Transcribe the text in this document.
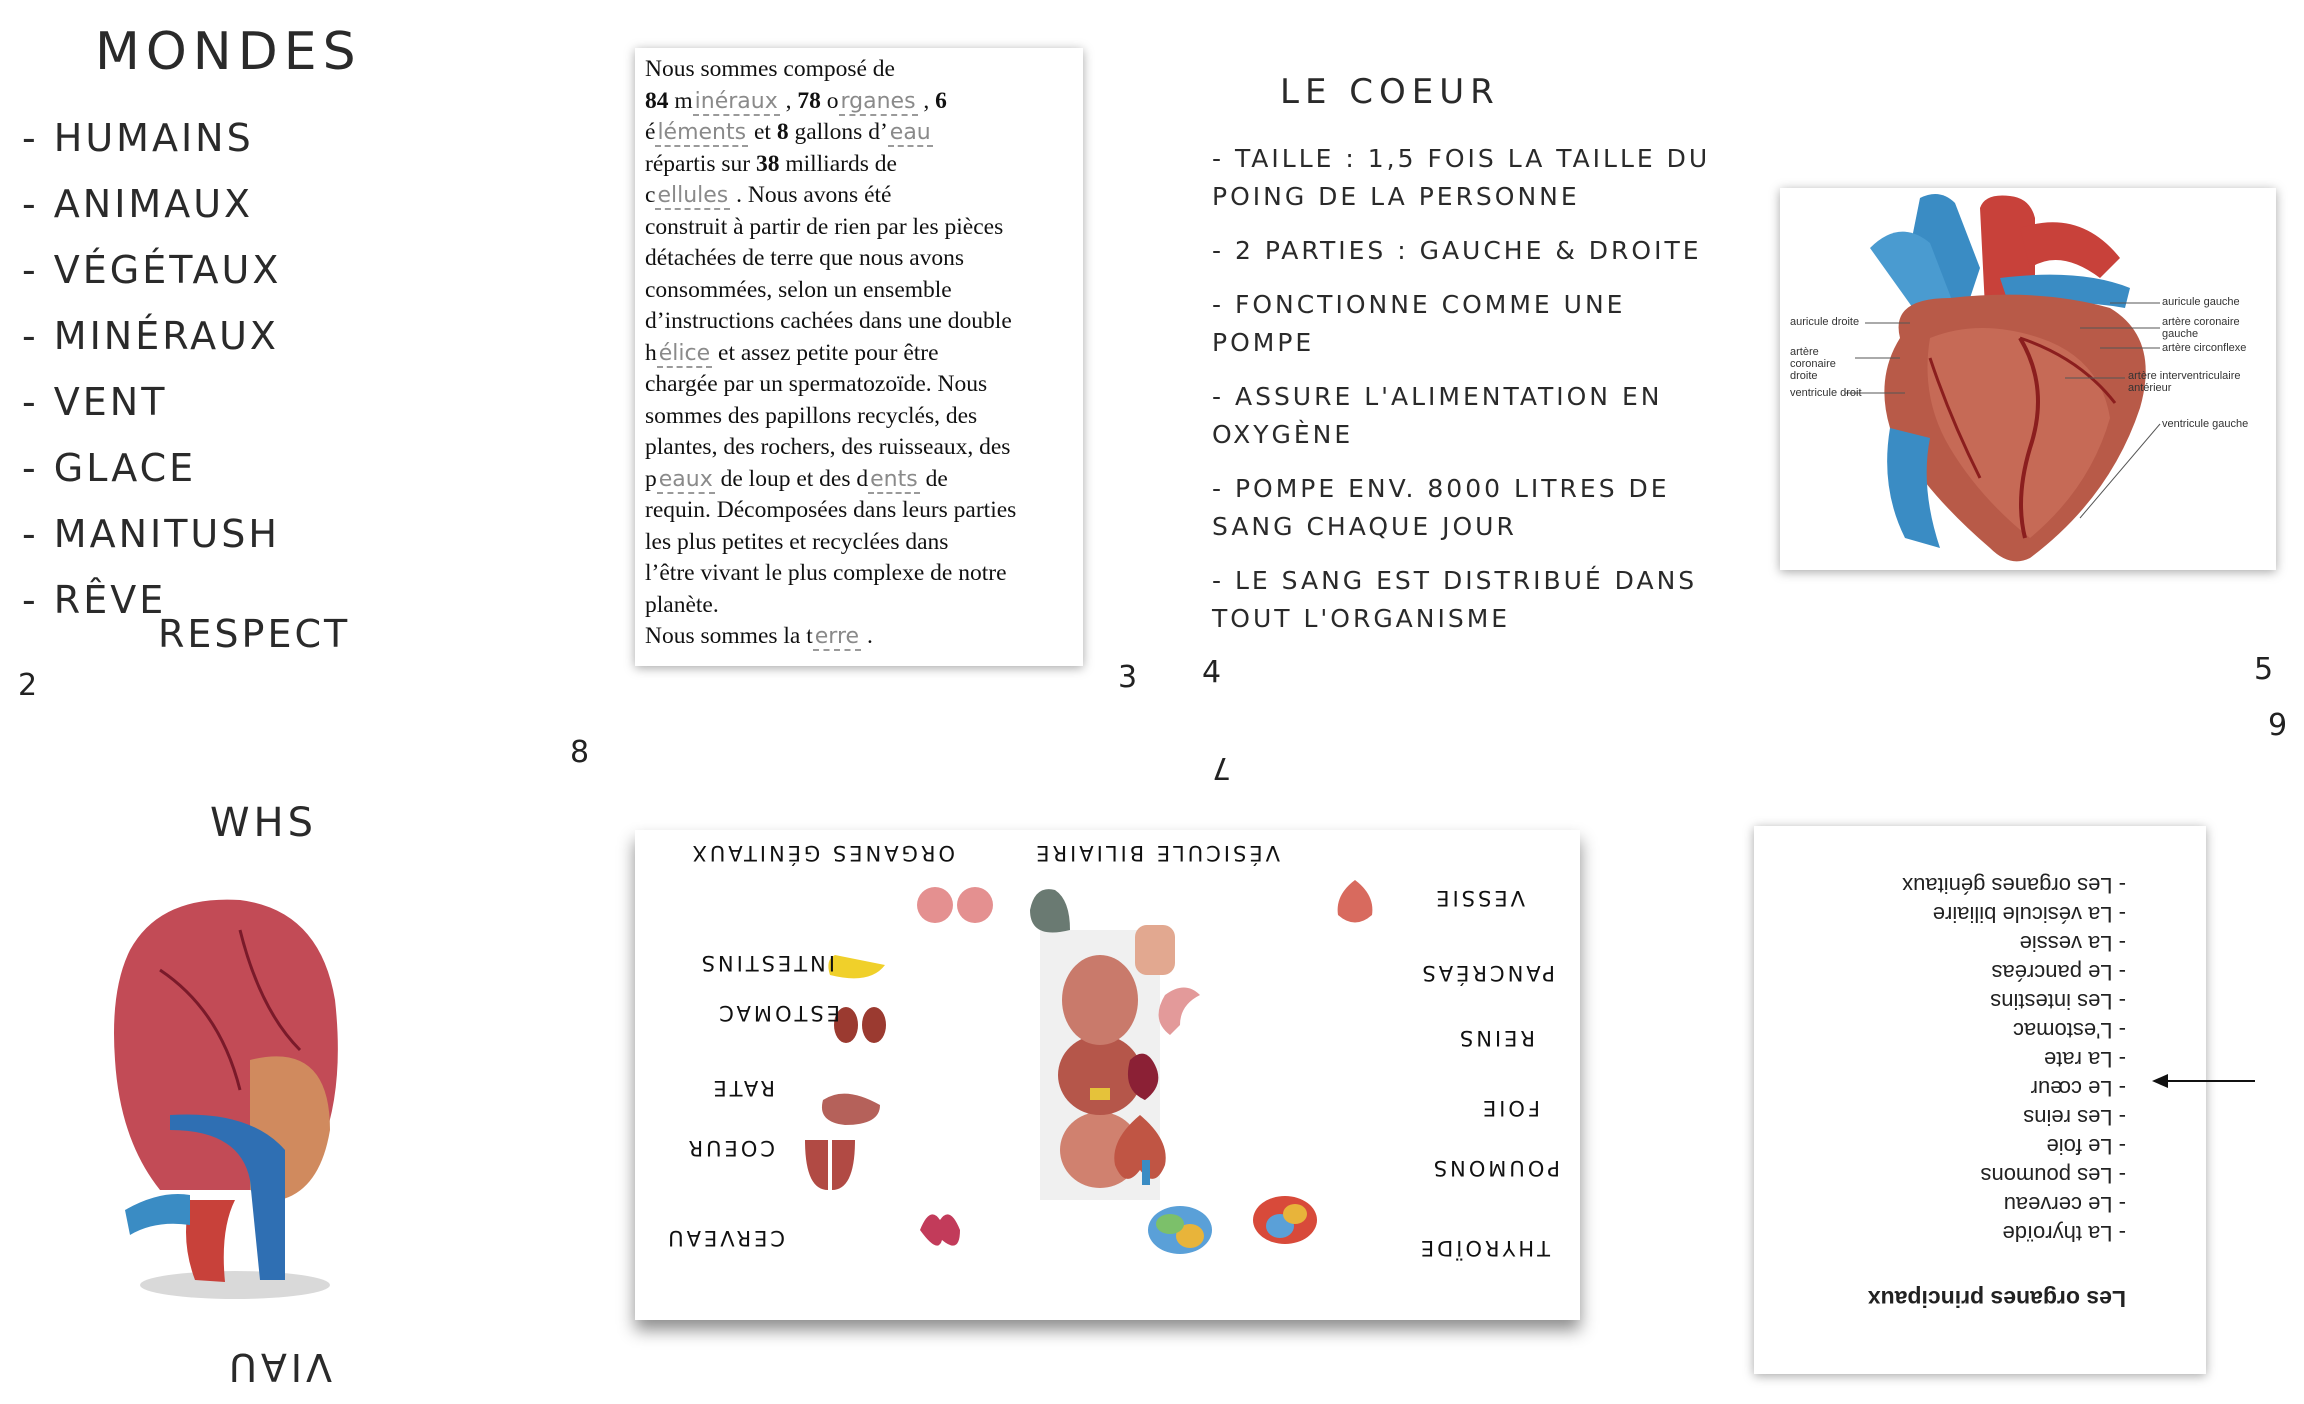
MONDES
- HUMAINS
- ANIMAUX
- VÉGÉTAUX
- MINÉRAUX
- VENT
- GLACE
- MANITUSH
- RÊVE
RESPECT
2	3 4	5
6
7
8

Nous sommes composé de

84 minéraux , 78 organes , 6

éléments et 8 gallons d’eau

répartis sur 38 milliards de

cellules . Nous avons été

construit à partir de rien par les pièces

détachées de terre que nous avons

consommées, selon un ensemble

d’instructions cachées dans une double

hélice et assez petite pour être

chargée par un spermatozoïde. Nous

sommes des papillons recyclés, des

plantes, des rochers, des ruisseaux, des

peaux de loup et des dents de

requin. Décomposées dans leurs parties

les plus petites et recyclées dans

l’être vivant le plus complexe de notre

planète.

Nous sommes la terre .

LE COEUR
- TAILLE : 1,5 FOIS LA TAILLE DU POING DE LA PERSONNE
- 2 PARTIES : GAUCHE & DROITE
- FONCTIONNE COMME UNE POMPE
- ASSURE L'ALIMENTATION EN OXYGÈNE
- POMPE ENV. 8000 LITRES DE SANG CHAQUE JOUR
- LE SANG EST DISTRIBUÉ DANS TOUT L'ORGANISME
auricule gauche
artère coronaire gauche
artère circonflexe
artère interventriculaire antérieur
ventricule gauche
auricule droite
artère coronaire droite
ventricule droit
WHS
VIAU
THYROÏDE
CERVEAU
POUMONS
COEUR
FOIE
RATE
REINS
ESTOMAC
PANCRÉAS
INTESTINS
VESSIE
VÉSICULE BILIAIRE
ORGANES GÉNITAUX
Les organes principaux
- La thyroïde
- Le cerveau
- Les poumons
- Le foie
- Les reins
- Le cœur
- La rate
- L'estomac
- Les intestins
- Le pancréas
- La vessie
- La vésicule biliaire
- Les organes génitaux
